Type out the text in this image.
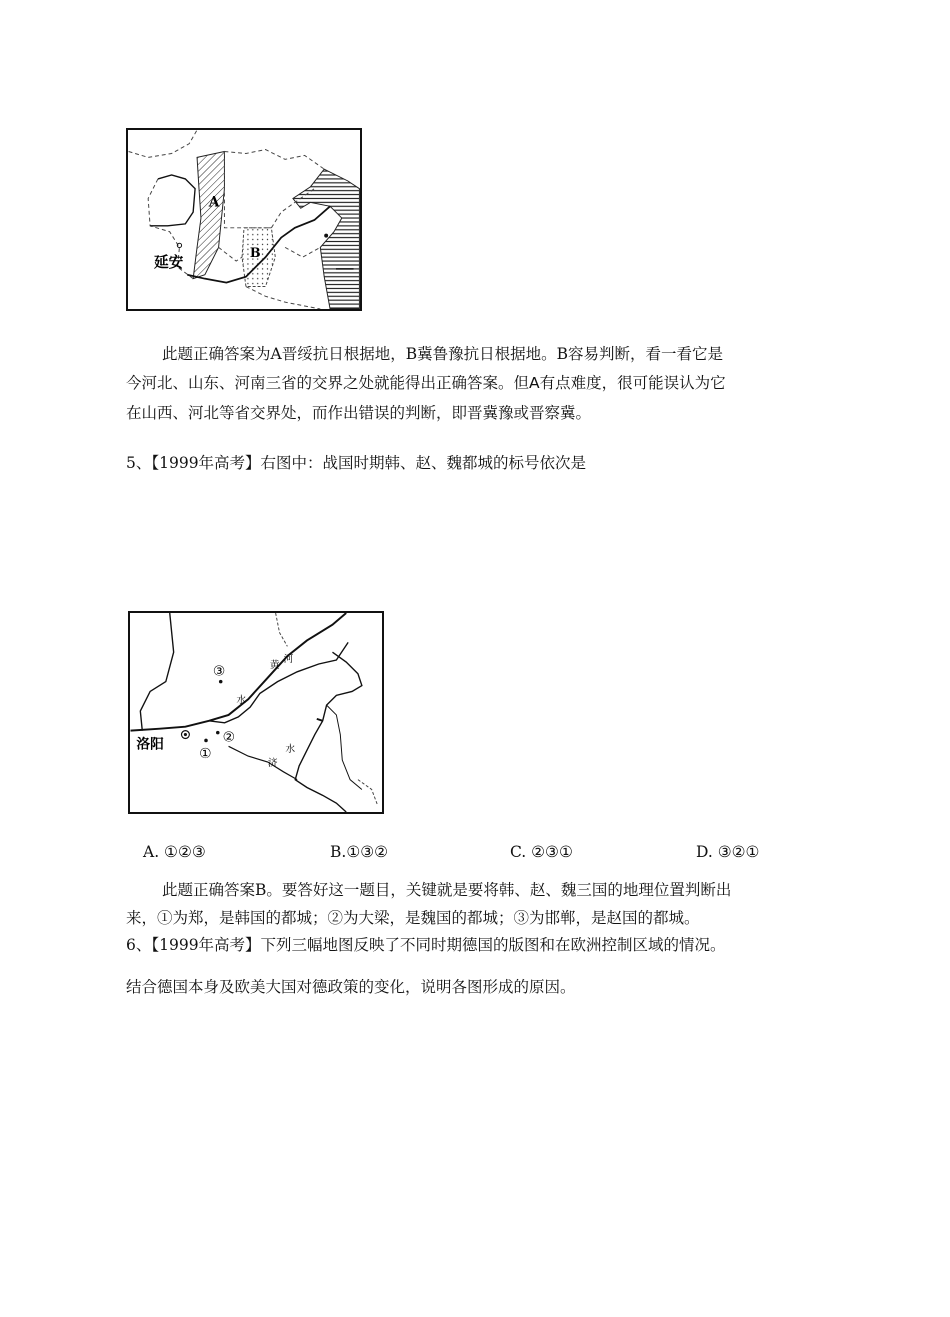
A
B
延安
此题正确答案为A晋绥抗日根据地，B冀鲁豫抗日根据地。B容易判断，看一看它是
今河北、山东、河南三省的交界之处就能得出正确答案。但A有点难度，很可能误认为它
在山西、河北等省交界处，而作出错误的判断，即晋冀豫或晋察冀。
5、【1999年高考】右图中：战国时期韩、赵、魏都城的标号依次是
洛阳
①
②
③	黄
河
水
济
水
A. ①②③	B.①③②	C. ②③①	D. ③②①
此题正确答案B。要答好这一题目，关键就是要将韩、赵、魏三国的地理位置判断出
来，①为郑，是韩国的都城；②为大梁，是魏国的都城；③为邯郸，是赵国的都城。
6、【1999年高考】下列三幅地图反映了不同时期德国的版图和在欧洲控制区域的情况。
结合德国本身及欧美大国对德政策的变化，说明各图形成的原因。
